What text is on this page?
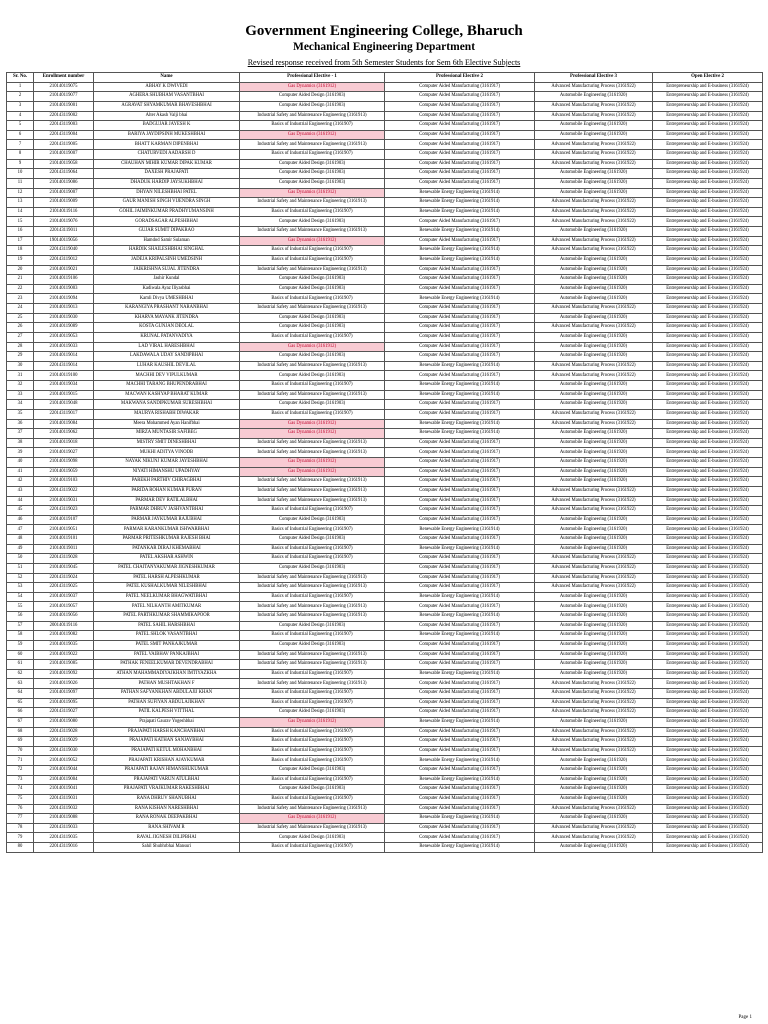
Government Engineering College, Bharuch
Mechanical Engineering Department
Revised response received from 5th Semester Students for Sem 6th Elective Subjects
Sr. No.	Enrollment number	Name	Professional Elective - 1	Professional Elective 2	Professional Elective 3	Open Elective 2
1	210140119075	ABHAY K DWIVEDI	Gas Dynamics (3161912)	Computer Aided Manufacturing (3161917)	Advanced Manufacturing Process (3161922)	Entrepreneurship and E-business (3161924)
2	210140119077	AGHERA SHUBHAM VASANTBHAI	Computer Aided Design (3161903)	Computer Aided Manufacturing (3161917)	Automobile Engineering (3161920)	Entrepreneurship and E-business (3161924)
3	210140119001	AGRAVAT SHYAMKUMAR BHAVESHBHAI	Computer Aided Design (3161903)	Computer Aided Manufacturing (3161917)	Advanced Manufacturing Process (3161922)	Entrepreneurship and E-business (3161924)
4	220143119002	Alter Akash Valji bhai	Industrial Safety and Maintenance Engineering (3161913)	Computer Aided Manufacturing (3161917)	Advanced Manufacturing Process (3161922)	Entrepreneurship and E-business (3161924)
5	220143119003	BADGUJAR JAYESH K	Basics of Industrial Engineering (3161907)	Computer Aided Manufacturing (3161917)	Automobile Engineering (3161920)	Entrepreneurship and E-business (3161924)
6	220143119004	BARIYA JAYDIPSINH MUKESHBHAI	Gas Dynamics (3161912)	Computer Aided Manufacturing (3161917)	Automobile Engineering (3161920)	Entrepreneurship and E-business (3161924)
7	220143119005	BHATT KARMAN DIPENBHAI	Industrial Safety and Maintenance Engineering (3161913)	Computer Aided Manufacturing (3161917)	Advanced Manufacturing Process (3161922)	Entrepreneurship and E-business (3161924)
8	210140119007	CHATURVEDI AADARSH D	Basics of Industrial Engineering (3161907)	Computer Aided Manufacturing (3161917)	Advanced Manufacturing Process (3161922)	Entrepreneurship and E-business (3161924)
9	210140119058	CHAUHAN MIHIR KUMAR DIPAK KUMAR	Computer Aided Design (3161903)	Computer Aided Manufacturing (3161917)	Advanced Manufacturing Process (3161922)	Entrepreneurship and E-business (3161924)
10	220143119064	DAXESH PRAJAPATI	Computer Aided Design (3161903)	Computer Aided Manufacturing (3161917)	Automobile Engineering (3161920)	Entrepreneurship and E-business (3161924)
11	210140119086	DHADUK HARDIP JAYSUKHBHAI	Computer Aided Design (3161903)	Computer Aided Manufacturing (3161917)	Automobile Engineering (3161920)	Entrepreneurship and E-business (3161924)
12	210140119007	DHYAN NILESHBHAI PATEL	Gas Dynamics (3161912)	Renewable Energy Engineering (3161914)	Automobile Engineering (3161920)	Entrepreneurship and E-business (3161924)
13	210140119009	GAUR MANISH SINGH VIJENDRA SINGH	Industrial Safety and Maintenance Engineering (3161913)	Renewable Energy Engineering (3161914)	Advanced Manufacturing Process (3161922)	Entrepreneurship and E-business (3161924)
14	210140119116	GOHIL JAIMINKUMAR PRADHYUMANSINH	Basics of Industrial Engineering (3161907)	Renewable Energy Engineering (3161914)	Advanced Manufacturing Process (3161922)	Entrepreneurship and E-business (3161924)
15	210140119076	GORADSAGAR ALPESHBHAI	Computer Aided Design (3161903)	Computer Aided Manufacturing (3161917)	Advanced Manufacturing Process (3161922)	Entrepreneurship and E-business (3161924)
16	220143119011	GUJAR SUMIT DIPAKRAO	Industrial Safety and Maintenance Engineering (3161913)	Renewable Energy Engineering (3161914)	Automobile Engineering (3161920)	Entrepreneurship and E-business (3161924)
17	190140119056	Hamdod Samir Sulaman	Gas Dynamics (3161912)	Computer Aided Manufacturing (3161917)	Advanced Manufacturing Process (3161922)	Entrepreneurship and E-business (3161924)
18	220143119040	HARDIK SHAILESHBHAI SINGHAL	Basics of Industrial Engineering (3161907)	Renewable Energy Engineering (3161914)	Advanced Manufacturing Process (3161922)	Entrepreneurship and E-business (3161924)
19	220143119012	JADEJA KRIPALSINH UMEDSINH	Basics of Industrial Engineering (3161907)	Renewable Energy Engineering (3161914)	Automobile Engineering (3161920)	Entrepreneurship and E-business (3161924)
20	210140119021	JAIKRISHNA SUJAL JITENDRA	Industrial Safety and Maintenance Engineering (3161913)	Computer Aided Manufacturing (3161917)	Automobile Engineering (3161920)	Entrepreneurship and E-business (3161924)
21	210140119106	Jashir Kundal	Computer Aided Design (3161903)	Computer Aided Manufacturing (3161917)	Automobile Engineering (3161920)	Entrepreneurship and E-business (3161924)
22	210140119003	Kadiwala Ayaz Iliyasbhai	Computer Aided Design (3161903)	Computer Aided Manufacturing (3161917)	Automobile Engineering (3161920)	Entrepreneurship and E-business (3161924)
23	210140119094	Kamli Divya UMESHBHAI	Basics of Industrial Engineering (3161907)	Renewable Energy Engineering (3161914)	Automobile Engineering (3161920)	Entrepreneurship and E-business (3161924)
24	210140119013	KARANGIYA PRASHANT NARANBHAI	Industrial Safety and Maintenance Engineering (3161913)	Computer Aided Manufacturing (3161917)	Advanced Manufacturing Process (3161922)	Entrepreneurship and E-business (3161924)
25	210140119030	KHARVA MAYANK JITENDRA	Computer Aided Design (3161903)	Computer Aided Manufacturing (3161917)	Automobile Engineering (3161920)	Entrepreneurship and E-business (3161924)
26	210140119089	KOSTA GUNJAN DEOLAL	Computer Aided Design (3161903)	Computer Aided Manufacturing (3161917)	Advanced Manufacturing Process (3161922)	Entrepreneurship and E-business (3161924)
27	210140119053	KRUNAL PATANVADIYA	Basics of Industrial Engineering (3161907)	Computer Aided Manufacturing (3161917)	Automobile Engineering (3161920)	Entrepreneurship and E-business (3161924)
28	210140119033	LAD VIRAL HARESHBHAI	Gas Dynamics (3161912)	Computer Aided Manufacturing (3161917)	Automobile Engineering (3161920)	Entrepreneurship and E-business (3161924)
29	210140119014	LAKDAWALA UDAY SANDIPBHAI	Computer Aided Design (3161903)	Computer Aided Manufacturing (3161917)	Automobile Engineering (3161920)	Entrepreneurship and E-business (3161924)
30	220143119014	LUHAR KAUSHIL DEVILAL	Industrial Safety and Maintenance Engineering (3161913)	Renewable Energy Engineering (3161914)	Advanced Manufacturing Process (3161922)	Entrepreneurship and E-business (3161924)
31	210140119100	MACHHI DEV VIPULKUMAR	Computer Aided Design (3161903)	Computer Aided Manufacturing (3161917)	Advanced Manufacturing Process (3161922)	Entrepreneurship and E-business (3161924)
32	210140119034	MACHHI TARANG BHUPENDRABHAI	Basics of Industrial Engineering (3161907)	Renewable Energy Engineering (3161914)	Automobile Engineering (3161920)	Entrepreneurship and E-business (3161924)
33	210140119015	MACWAN KASHYAP BHARAT KUMAR	Industrial Safety and Maintenance Engineering (3161913)	Renewable Energy Engineering (3161914)	Automobile Engineering (3161920)	Entrepreneurship and E-business (3161924)
34	210140119048	MAKWANA SANDIPKUMAR SURESHBHAI	Computer Aided Design (3161903)	Computer Aided Manufacturing (3161917)	Automobile Engineering (3161920)	Entrepreneurship and E-business (3161924)
35	220143119017	MAURYA RISHABH DIWAKAR	Basics of Industrial Engineering (3161907)	Computer Aided Manufacturing (3161917)	Advanced Manufacturing Process (3161922)	Entrepreneurship and E-business (3161924)
36	210140119084	Meera Mohammed Ayan Hanifbhai	Gas Dynamics (3161912)	Renewable Energy Engineering (3161914)	Advanced Manufacturing Process (3161922)	Entrepreneurship and E-business (3161924)
37	210140119062	MIRZA MUNTASIR SAFIBEG	Gas Dynamics (3161912)	Renewable Energy Engineering (3161914)	Automobile Engineering (3161920)	Entrepreneurship and E-business (3161924)
38	210140119018	MISTRY SMIT DINESHBHAI	Industrial Safety and Maintenance Engineering (3161913)	Computer Aided Manufacturing (3161917)	Automobile Engineering (3161920)	Entrepreneurship and E-business (3161924)
39	210140119027	MUKHI ADITYA VINODB	Industrial Safety and Maintenance Engineering (3161913)	Computer Aided Manufacturing (3161917)	Automobile Engineering (3161920)	Entrepreneurship and E-business (3161924)
40	210140119098	NAYAK NIKUNJ KUMAR JAYESHBHAI	Gas Dynamics (3161912)	Computer Aided Manufacturing (3161917)	Automobile Engineering (3161920)	Entrepreneurship and E-business (3161924)
41	210140119059	NIYATI HIMANSHU UPADHYAY	Gas Dynamics (3161912)	Computer Aided Manufacturing (3161917)	Automobile Engineering (3161920)	Entrepreneurship and E-business (3161924)
42	210140119103	PAREKH PARTHIV CHIRAGBHAI	Industrial Safety and Maintenance Engineering (3161913)	Computer Aided Manufacturing (3161917)	Automobile Engineering (3161920)	Entrepreneurship and E-business (3161924)
43	220143119022	PARIDA ROHAN KUMAR PURAN	Industrial Safety and Maintenance Engineering (3161913)	Computer Aided Manufacturing (3161917)	Advanced Manufacturing Process (3161922)	Entrepreneurship and E-business (3161924)
44	210140119031	PARMAR DEV RATILALBHAI	Industrial Safety and Maintenance Engineering (3161913)	Computer Aided Manufacturing (3161917)	Advanced Manufacturing Process (3161922)	Entrepreneurship and E-business (3161924)
45	220143119023	PARMAR DHRUV JASHVANTBHAI	Basics of Industrial Engineering (3161907)	Computer Aided Manufacturing (3161917)	Advanced Manufacturing Process (3161922)	Entrepreneurship and E-business (3161924)
46	210140119107	PARMAR JAYKUMAR RAJUBHAI	Computer Aided Design (3161903)	Computer Aided Manufacturing (3161917)	Automobile Engineering (3161920)	Entrepreneurship and E-business (3161924)
47	210140119051	PARMAR KARANKUMAR ISHWARBHAI	Basics of Industrial Engineering (3161907)	Renewable Energy Engineering (3161914)	Automobile Engineering (3161920)	Entrepreneurship and E-business (3161924)
48	210140119101	PARMAR PRITESHKUMAR RAJESH BHAI	Computer Aided Design (3161903)	Computer Aided Manufacturing (3161917)	Automobile Engineering (3161920)	Entrepreneurship and E-business (3161924)
49	210140119011	PATANKAR DIRAJ KHEMABHAI	Basics of Industrial Engineering (3161907)	Renewable Energy Engineering (3161914)	Automobile Engineering (3161920)	Entrepreneurship and E-business (3161924)
50	220143119028	PATEL AKSHAR ASHWIN	Basics of Industrial Engineering (3161907)	Computer Aided Manufacturing (3161917)	Advanced Manufacturing Process (3161922)	Entrepreneurship and E-business (3161924)
51	210140119045	PATEL CHAITANYAKUMAR JIGNESHKUMAR	Computer Aided Design (3161903)	Computer Aided Manufacturing (3161917)	Advanced Manufacturing Process (3161922)	Entrepreneurship and E-business (3161924)
52	220143119024	PATEL HARSH ALPESHKUMAR	Industrial Safety and Maintenance Engineering (3161913)	Computer Aided Manufacturing (3161917)	Advanced Manufacturing Process (3161922)	Entrepreneurship and E-business (3161924)
53	220143119025	PATEL KUSHALKUMAR NILESHBHAI	Industrial Safety and Maintenance Engineering (3161913)	Computer Aided Manufacturing (3161917)	Advanced Manufacturing Process (3161922)	Entrepreneurship and E-business (3161924)
54	210140119037	PATEL NEELKUMAR BHAGWATIBHAI	Basics of Industrial Engineering (3161907)	Renewable Energy Engineering (3161914)	Automobile Engineering (3161920)	Entrepreneurship and E-business (3161924)
55	210140119057	PATEL NILKANTH AMITKUMAR	Industrial Safety and Maintenance Engineering (3161913)	Computer Aided Manufacturing (3161917)	Automobile Engineering (3161920)	Entrepreneurship and E-business (3161924)
56	210140119056	PATEL PARTHKUMAR SHAMMIKAPOOR	Industrial Safety and Maintenance Engineering (3161913)	Renewable Energy Engineering (3161914)	Automobile Engineering (3161920)	Entrepreneurship and E-business (3161924)
57	200140119116	PATEL SAHIL HARSHBHAI	Computer Aided Design (3161903)	Computer Aided Manufacturing (3161917)	Automobile Engineering (3161920)	Entrepreneurship and E-business (3161924)
58	210140119082	PATEL SHLOK VASANTBHAI	Basics of Industrial Engineering (3161907)	Renewable Energy Engineering (3161914)	Automobile Engineering (3161920)	Entrepreneurship and E-business (3161924)
59	210140119035	PATEL SMIT PANKAJKUMAR	Computer Aided Design (3161903)	Computer Aided Manufacturing (3161917)	Automobile Engineering (3161920)	Entrepreneurship and E-business (3161924)
60	210140119022	PATEL VAIBHAV PANKAJBHAI	Industrial Safety and Maintenance Engineering (3161913)	Computer Aided Manufacturing (3161917)	Automobile Engineering (3161920)	Entrepreneurship and E-business (3161924)
61	210140119085	PATHAK FENEELKUMAR DEVENDRABHAI	Industrial Safety and Maintenance Engineering (3161913)	Computer Aided Manufacturing (3161917)	Automobile Engineering (3161920)	Entrepreneurship and E-business (3161924)
62	210140119092	ATHAN MAHAMMADIYAJKHAN IMTIYAZKHA	Basics of Industrial Engineering (3161907)	Renewable Energy Engineering (3161914)	Automobile Engineering (3161920)	Entrepreneurship and E-business (3161924)
63	210140119026	PATHAN MUSHTAKHAN F	Industrial Safety and Maintenance Engineering (3161913)	Computer Aided Manufacturing (3161917)	Advanced Manufacturing Process (3161922)	Entrepreneurship and E-business (3161924)
64	210140119097	PATHAN SAFYANKHAN ABDULAJIJ KHAN	Basics of Industrial Engineering (3161907)	Computer Aided Manufacturing (3161917)	Advanced Manufacturing Process (3161922)	Entrepreneurship and E-business (3161924)
65	210140119095	PATHAN SUFIYAN ABDULAJIKHAN	Basics of Industrial Engineering (3161907)	Computer Aided Manufacturing (3161917)	Advanced Manufacturing Process (3161922)	Entrepreneurship and E-business (3161924)
66	220143119027	PATIL KALPESH VITTHAL	Computer Aided Design (3161903)	Computer Aided Manufacturing (3161917)	Advanced Manufacturing Process (3161922)	Entrepreneurship and E-business (3161924)
67	210140119080	Prajapati Gaurav Yogeshbhai	Gas Dynamics (3161912)	Renewable Energy Engineering (3161914)	Automobile Engineering (3161920)	Entrepreneurship and E-business (3161924)
68	220143119028	PRAJAPATI HARSH KANCHANBHAI	Basics of Industrial Engineering (3161907)	Computer Aided Manufacturing (3161917)	Advanced Manufacturing Process (3161922)	Entrepreneurship and E-business (3161924)
69	220143119029	PRAJAPATI KATHAN SANJAYBHAI	Basics of Industrial Engineering (3161907)	Computer Aided Manufacturing (3161917)	Advanced Manufacturing Process (3161922)	Entrepreneurship and E-business (3161924)
70	220143119030	PRAJAPATI KETUL MOHANBHAI	Basics of Industrial Engineering (3161907)	Computer Aided Manufacturing (3161917)	Advanced Manufacturing Process (3161922)	Entrepreneurship and E-business (3161924)
71	210140119052	PRAJAPATI KRISHAN AJAYKUMAR	Basics of Industrial Engineering (3161907)	Renewable Energy Engineering (3161914)	Automobile Engineering (3161920)	Entrepreneurship and E-business (3161924)
72	210140119044	PRAJAPATI RAJAN HIMANSHUKUMAR	Computer Aided Design (3161903)	Computer Aided Manufacturing (3161917)	Automobile Engineering (3161920)	Entrepreneurship and E-business (3161924)
73	210140119004	PRAJAPATI VARUN ATULBHAI	Basics of Industrial Engineering (3161907)	Renewable Energy Engineering (3161914)	Automobile Engineering (3161920)	Entrepreneurship and E-business (3161924)
74	210140119041	PRAJAPATI VRAJKUMAR RAKESHBHAI	Computer Aided Design (3161903)	Computer Aided Manufacturing (3161917)	Automobile Engineering (3161920)	Entrepreneurship and E-business (3161924)
75	220143119031	RANA DHRUV SHANUBHAI	Basics of Industrial Engineering (3161907)	Computer Aided Manufacturing (3161917)	Automobile Engineering (3161920)	Entrepreneurship and E-business (3161924)
76	220143119032	RANA KISHAN NARESHBHAI	Industrial Safety and Maintenance Engineering (3161913)	Computer Aided Manufacturing (3161917)	Advanced Manufacturing Process (3161922)	Entrepreneurship and E-business (3161924)
77	210140119088	RANA RONAK DEEPAKBHAI	Gas Dynamics (3161912)	Renewable Energy Engineering (3161914)	Automobile Engineering (3161920)	Entrepreneurship and E-business (3161924)
78	220143119033	RANA SHIVAM R	Industrial Safety and Maintenance Engineering (3161913)	Computer Aided Manufacturing (3161917)	Advanced Manufacturing Process (3161922)	Entrepreneurship and E-business (3161924)
79	220143119035	RAVAL JIGNESH DILIPBHAI	Computer Aided Design (3161903)	Computer Aided Manufacturing (3161917)	Advanced Manufacturing Process (3161922)	Entrepreneurship and E-business (3161924)
80	220143119016	Sahil Shubhrbhai Mansuri	Basics of Industrial Engineering (3161907)	Renewable Energy Engineering (3161914)	Automobile Engineering (3161920)	Entrepreneurship and E-business (3161924)
Page 1
